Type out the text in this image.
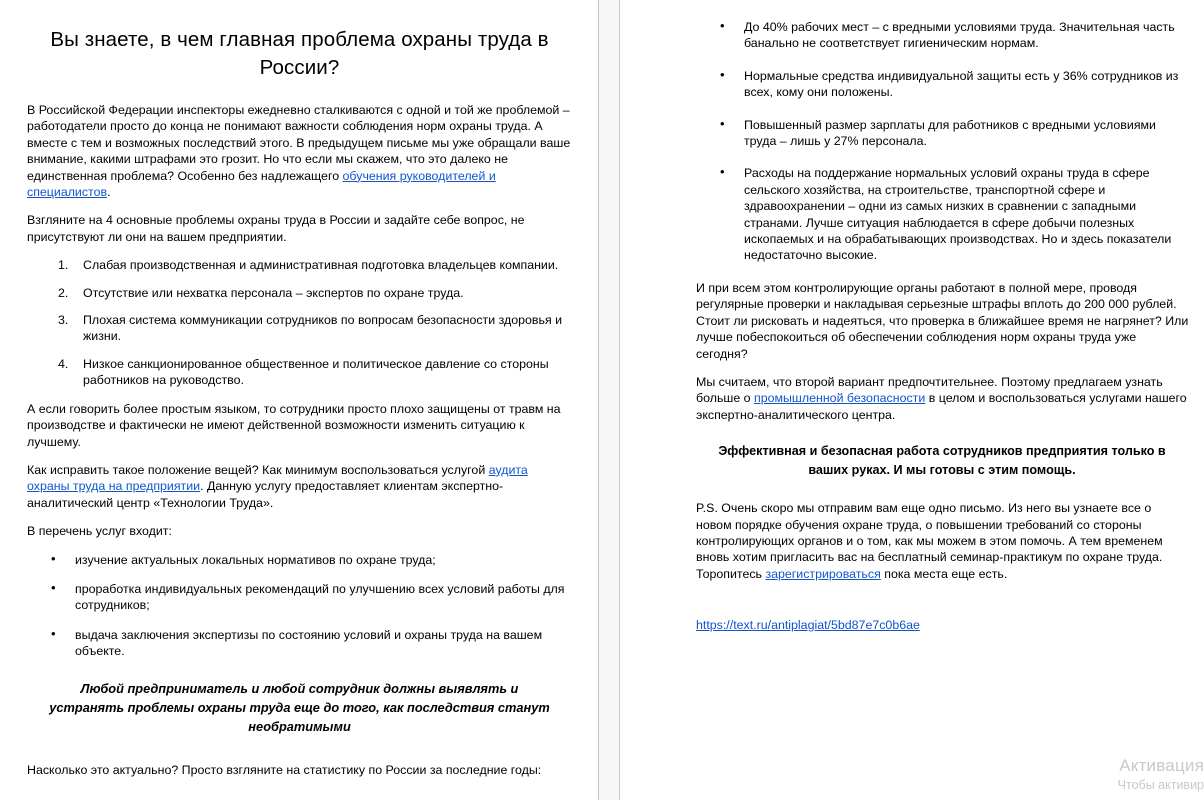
Вы знаете, в чем главная проблема охраны труда в России?

В Российской Федерации инспекторы ежедневно сталкиваются с одной и той же проблемой – работодатели просто до конца не понимают важности соблюдения норм охраны труда. А вместе с тем и возможных последствий этого. В предыдущем письме мы уже обращали ваше внимание, какими штрафами это грозит. Но что если мы скажем, что это далеко не единственная проблема? Особенно без надлежащего обучения руководителей и специалистов.

Взгляните на 4 основные проблемы охраны труда в России и задайте себе вопрос, не присутствуют ли они на вашем предприятии.

Слабая производственная и административная подготовка владельцев компании.
Отсутствие или нехватка персонала – экспертов по охране труда.
Плохая система коммуникации сотрудников по вопросам безопасности здоровья и жизни.
Низкое санкционированное общественное и политическое давление со стороны работников на руководство.

А если говорить более простым языком, то сотрудники просто плохо защищены от травм на производстве и фактически не имеют действенной возможности изменить ситуацию к лучшему.

Как исправить такое положение вещей? Как минимум воспользоваться услугой аудита охраны труда на предприятии. Данную услугу предоставляет клиентам экспертно-аналитический центр «Технологии Труда».

В перечень услуг входит:

• изучение актуальных локальных нормативов по охране труда;
• проработка индивидуальных рекомендаций по улучшению всех условий работы для сотрудников;
• выдача заключения экспертизы по состоянию условий и охраны труда на вашем объекте.

Любой предприниматель и любой сотрудник должны выявлять и устранять проблемы охраны труда еще до того, как последствия станут необратимыми

Насколько это актуально? Просто взгляните на статистику по России за последние годы:

• До 40% рабочих мест – с вредными условиями труда. Значительная часть банально не соответствует гигиеническим нормам.
• Нормальные средства индивидуальной защиты есть у 36% сотрудников из всех, кому они положены.
• Повышенный размер зарплаты для работников с вредными условиями труда – лишь у 27% персонала.
• Расходы на поддержание нормальных условий охраны труда в сфере сельского хозяйства, на строительстве, транспортной сфере и здравоохранении – одни из самых низких в сравнении с западными странами. Лучше ситуация наблюдается в сфере добычи полезных ископаемых и на обрабатывающих производствах. Но и здесь показатели недостаточно высокие.

И при всем этом контролирующие органы работают в полной мере, проводя регулярные проверки и накладывая серьезные штрафы вплоть до 200 000 рублей. Стоит ли рисковать и надеяться, что проверка в ближайшее время не нагрянет? Или лучше побеспокоиться об обеспечении соблюдения норм охраны труда уже сегодня?

Мы считаем, что второй вариант предпочтительнее. Поэтому предлагаем узнать больше о промышленной безопасности в целом и воспользоваться услугами нашего экспертно-аналитического центра.

Эффективная и безопасная работа сотрудников предприятия только в ваших руках. И мы готовы с этим помощь.

P.S. Очень скоро мы отправим вам еще одно письмо. Из него вы узнаете все о новом порядке обучения охране труда, о повышении требований со стороны контролирующих органов и о том, как мы можем в этом помочь. А тем временем вновь хотим пригласить вас на бесплатный семинар-практикум по охране труда. Торопитесь зарегистрироваться пока места еще есть.

https://text.ru/antiplagiat/5bd87e7c0b6ae

Активация
Чтобы активир
